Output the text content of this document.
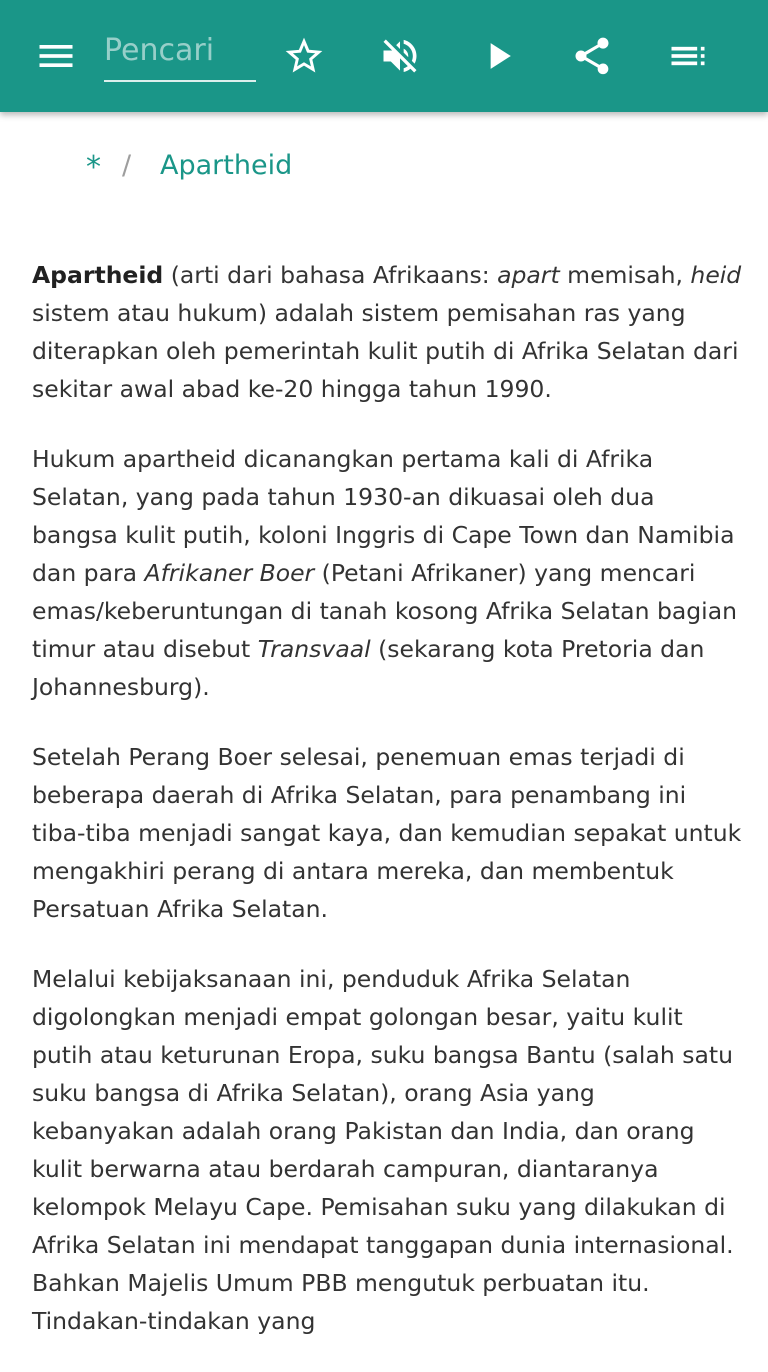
Pencari
* / Apartheid

Apartheid (arti dari bahasa Afrikaans: apart memisah, heid sistem atau hukum) adalah sistem pemisahan ras yang diterapkan oleh pemerintah kulit putih di Afrika Selatan dari sekitar awal abad ke-20 hingga tahun 1990.

Hukum apartheid dicanangkan pertama kali di Afrika Selatan, yang pada tahun 1930-an dikuasai oleh dua bangsa kulit putih, koloni Inggris di Cape Town dan Namibia dan para Afrikaner Boer (Petani Afrikaner) yang mencari emas/keberuntungan di tanah kosong Afrika Selatan bagian timur atau disebut Transvaal (sekarang kota Pretoria dan Johannesburg).

Setelah Perang Boer selesai, penemuan emas terjadi di beberapa daerah di Afrika Selatan, para penambang ini tiba-tiba menjadi sangat kaya, dan kemudian sepakat untuk mengakhiri perang di antara mereka, dan membentuk Persatuan Afrika Selatan.

Melalui kebijaksanaan ini, penduduk Afrika Selatan digolongkan menjadi empat golongan besar, yaitu kulit putih atau keturunan Eropa, suku bangsa Bantu (salah satu suku bangsa di Afrika Selatan), orang Asia yang kebanyakan adalah orang Pakistan dan India, dan orang kulit berwarna atau berdarah campuran, diantaranya kelompok Melayu Cape. Pemisahan suku yang dilakukan di Afrika Selatan ini mendapat tanggapan dunia internasional. Bahkan Majelis Umum PBB mengutuk perbuatan itu. Tindakan-tindakan yang
